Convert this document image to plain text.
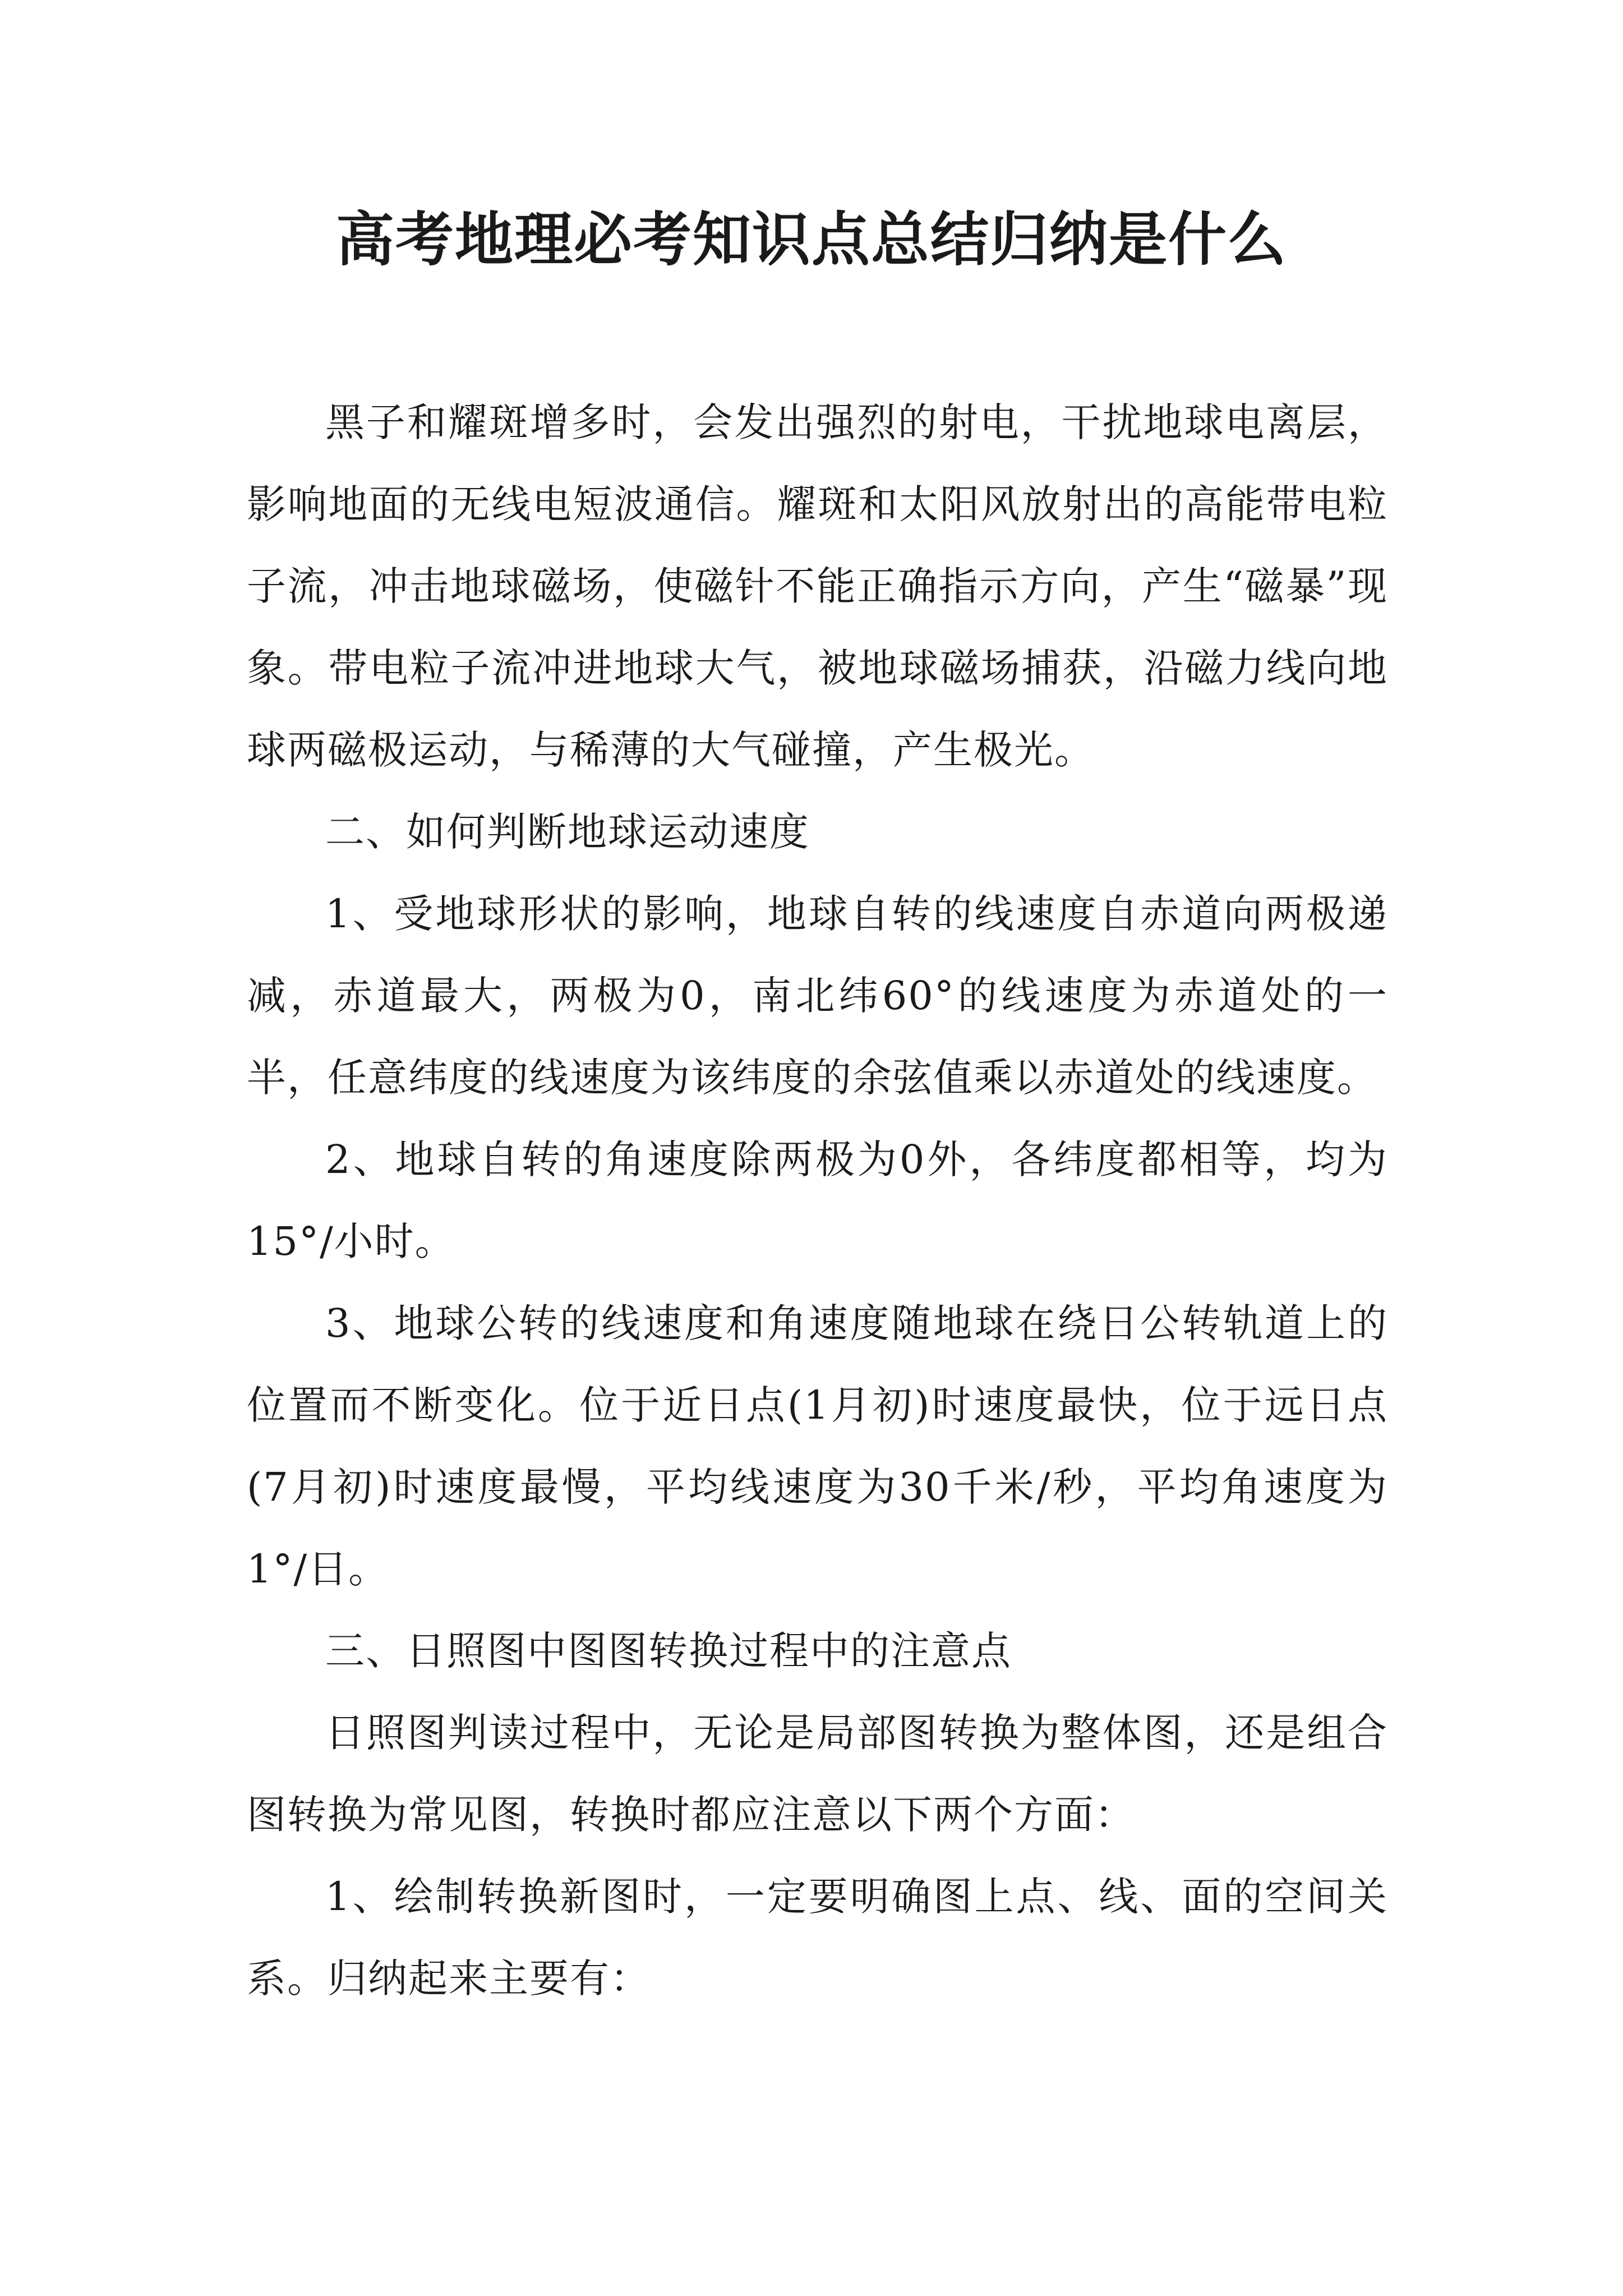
高考地理必考知识点总结归纳是什么

黑子和耀斑增多时，会发出强烈的射电，干扰地球电离层，影响地面的无线电短波通信。耀斑和太阳风放射出的高能带电粒子流，冲击地球磁场，使磁针不能正确指示方向，产生“磁暴”现象。带电粒子流冲进地球大气，被地球磁场捕获，沿磁力线向地球两磁极运动，与稀薄的大气碰撞，产生极光。

二、如何判断地球运动速度

1、受地球形状的影响，地球自转的线速度自赤道向两极递减，赤道最大，两极为0，南北纬60°的线速度为赤道处的一半，任意纬度的线速度为该纬度的余弦值乘以赤道处的线速度。

2、地球自转的角速度除两极为0外，各纬度都相等，均为15°/小时。

3、地球公转的线速度和角速度随地球在绕日公转轨道上的位置而不断变化。位于近日点(1月初)时速度最快，位于远日点(7月初)时速度最慢，平均线速度为30千米/秒，平均角速度为1°/日。

三、日照图中图图转换过程中的注意点

日照图判读过程中，无论是局部图转换为整体图，还是组合图转换为常见图，转换时都应注意以下两个方面：

1、绘制转换新图时，一定要明确图上点、线、面的空间关系。归纳起来主要有：
